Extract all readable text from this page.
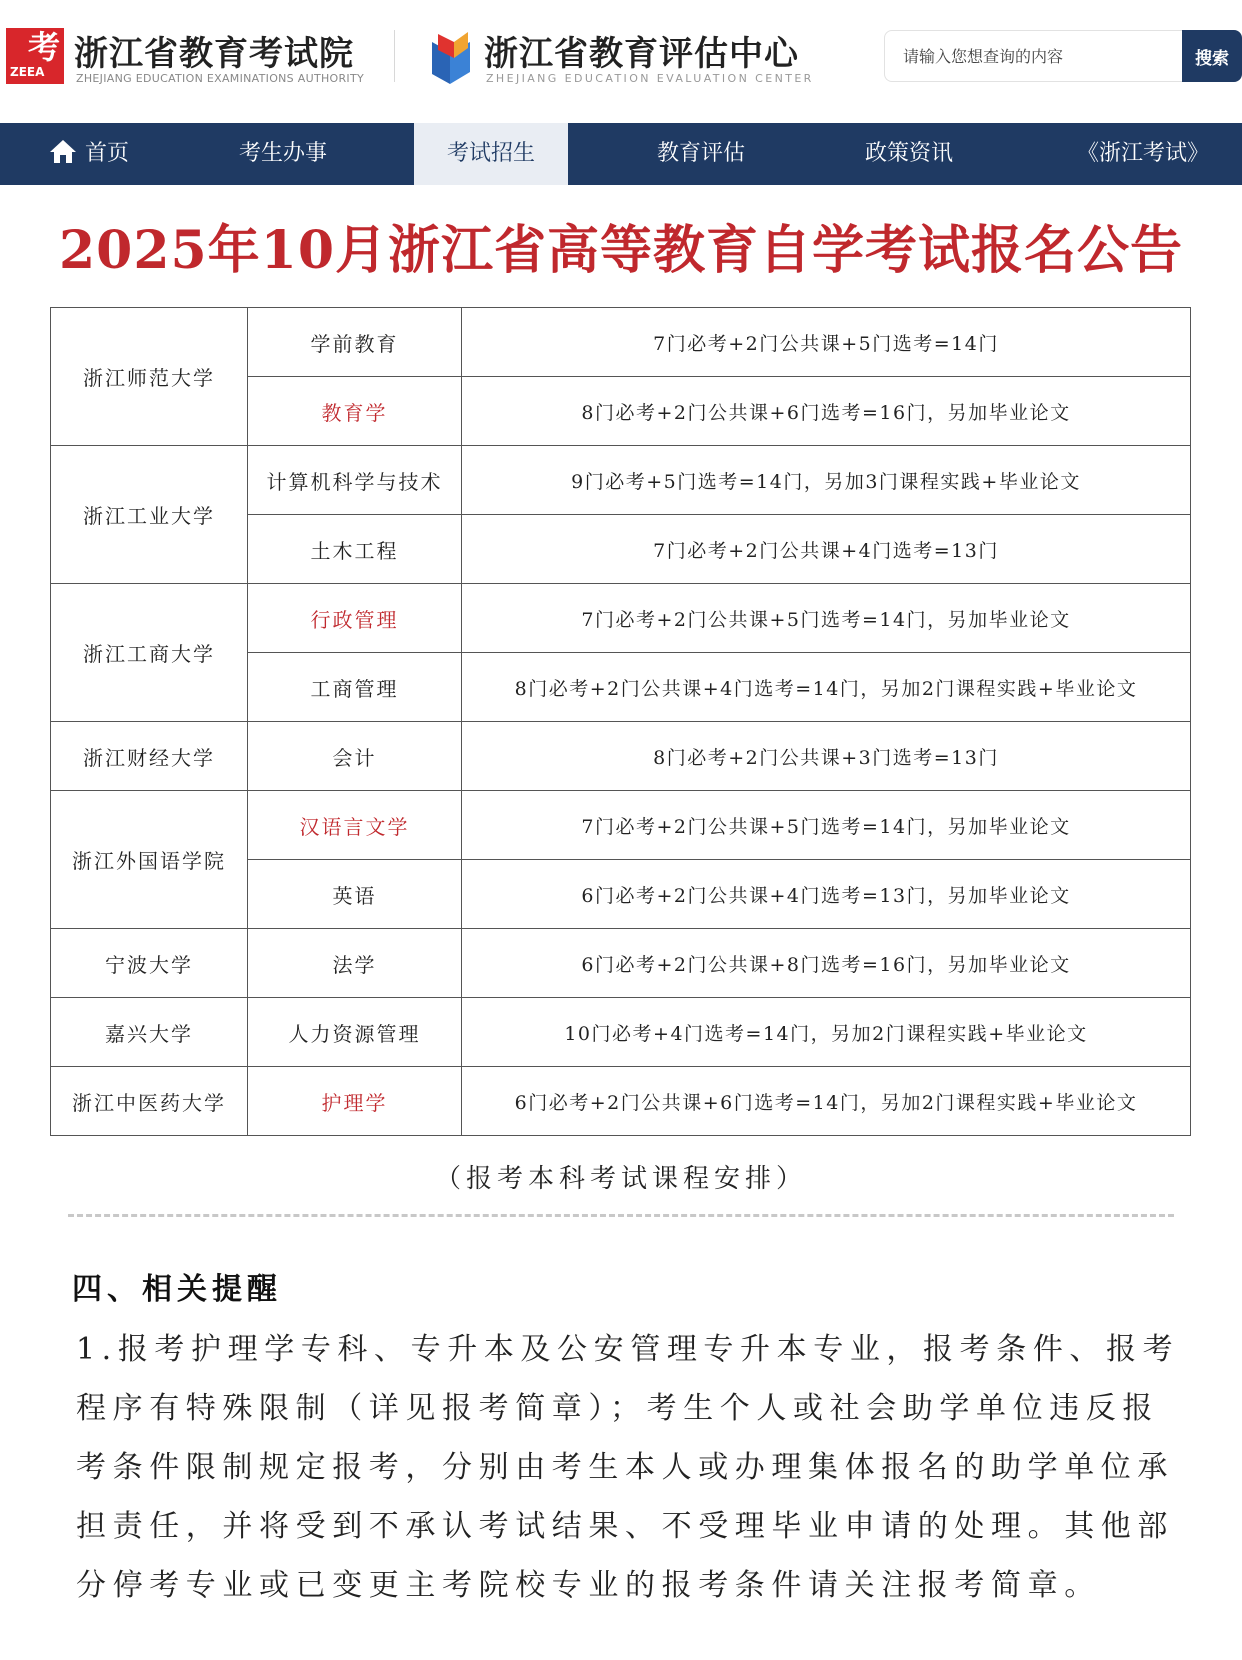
考
ZEEA 浙江省教育考试院
ZHEJIANG EDUCATION EXAMINATIONS AUTHORITY
浙江省教育评估中心
ZHEJIANG EDUCATION EVALUATION CENTER
请输入您想查询的内容
搜索
首页	考生办事	考试招生	教育评估	政策资讯	《浙江考试》
2025年10月浙江省高等教育自学考试报名公告
浙江师范大学	学前教育	7门必考+2门公共课+5门选考=14门
	教育学	8门必考+2门公共课+6门选考=16门，另加毕业论文
浙江工业大学	计算机科学与技术	9门必考+5门选考=14门，另加3门课程实践+毕业论文
	土木工程	7门必考+2门公共课+4门选考=13门
浙江工商大学	行政管理	7门必考+2门公共课+5门选考=14门，另加毕业论文
	工商管理	8门必考+2门公共课+4门选考=14门，另加2门课程实践+毕业论文
浙江财经大学	会计	8门必考+2门公共课+3门选考=13门
浙江外国语学院	汉语言文学	7门必考+2门公共课+5门选考=14门，另加毕业论文
	英语	6门必考+2门公共课+4门选考=13门，另加毕业论文
宁波大学	法学	6门必考+2门公共课+8门选考=16门，另加毕业论文
嘉兴大学	人力资源管理	10门必考+4门选考=14门，另加2门课程实践+毕业论文
浙江中医药大学	护理学	6门必考+2门公共课+6门选考=14门，另加2门课程实践+毕业论文
（报考本科考试课程安排）
四、相关提醒
1.报考护理学专科、专升本及公安管理专升本专业，报考条件、报考
程序有特殊限制（详见报考简章）；考生个人或社会助学单位违反报
考条件限制规定报考，分别由考生本人或办理集体报名的助学单位承
担责任，并将受到不承认考试结果、不受理毕业申请的处理。其他部
分停考专业或已变更主考院校专业的报考条件请关注报考简章。
